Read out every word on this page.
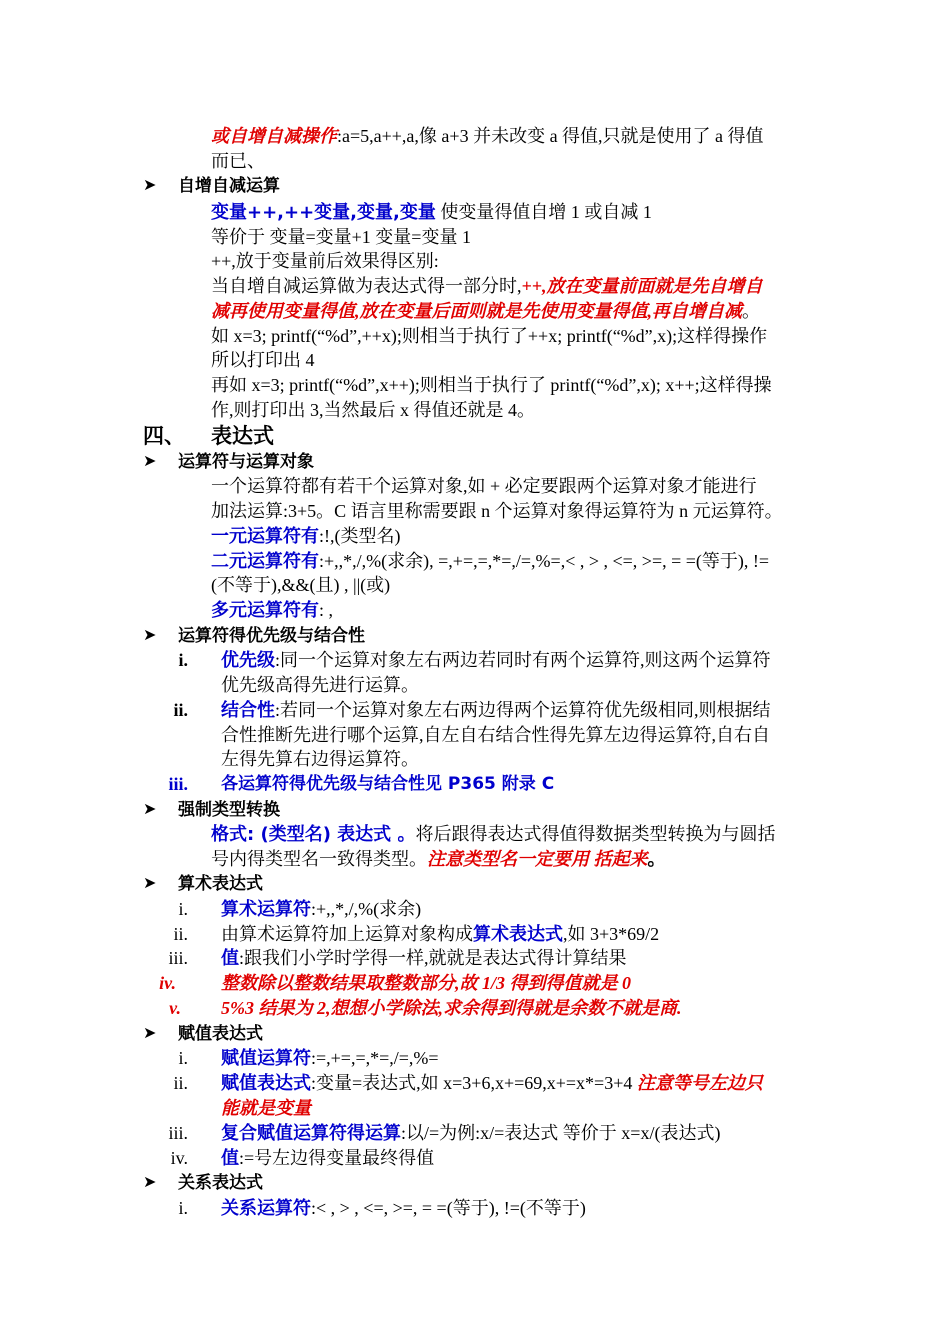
或自增自减操作:a=5,a++,a,像 a+3 并未改变 a 得值,只就是使用了 a 得值
而已、
➤ 自增自减运算
变量++,++变量,变量,变量 使变量得值自增 1 或自减 1
等价于 变量=变量+1 变量=变量 1
++,放于变量前后效果得区别:
当自增自减运算做为表达式得一部分时,++,放在变量前面就是先自增自
减再使用变量得值,放在变量后面则就是先使用变量得值,再自增自减。
如 x=3; printf(“%d”,++x);则相当于执行了++x; printf(“%d”,x);这样得操作
所以打印出 4
再如 x=3; printf(“%d”,x++);则相当于执行了 printf(“%d”,x); x++;这样得操
作,则打印出 3,当然最后 x 得值还就是 4。
四、 表达式
➤ 运算符与运算对象
一个运算符都有若干个运算对象,如 + 必定要跟两个运算对象才能进行
加法运算:3+5。C 语言里称需要跟 n 个运算对象得运算符为 n 元运算符。
一元运算符有:!,(类型名)
二元运算符有:+,,*,/,%(求余), =,+=,=,*=,/=,%=,< , > , <=, >=, = =(等于), !=
(不等于),&&(且) , ||(或)
多元运算符有: ,
➤ 运算符得优先级与结合性
i. 优先级:同一个运算对象左右两边若同时有两个运算符,则这两个运算符
优先级高得先进行运算。
ii. 结合性:若同一个运算对象左右两边得两个运算符优先级相同,则根据结
合性推断先进行哪个运算,自左自右结合性得先算左边得运算符,自右自
左得先算右边得运算符。
iii. 各运算符得优先级与结合性见 P365 附录 C
➤ 强制类型转换
格式: (类型名) 表达式 。将后跟得表达式得值得数据类型转换为与圆括
号内得类型名一致得类型。注意类型名一定要用 括起来。
➤ 算术表达式
i. 算术运算符:+,,*,/,%(求余)
ii. 由算术运算符加上运算对象构成算术表达式,如 3+3*69/2
iii. 值:跟我们小学时学得一样,就就是表达式得计算结果
iv.	整数除以整数结果取整数部分,故 1/3 得到得值就是 0
v. 5%3 结果为 2,想想小学除法,求余得到得就是余数不就是商.
➤ 赋值表达式
i. 赋值运算符:=,+=,=,*=,/=,%=
ii. 赋值表达式:变量=表达式,如 x=3+6,x+=69,x+=x*=3+4 注意等号左边只
能就是变量
iii. 复合赋值运算符得运算:以/=为例:x/=表达式 等价于 x=x/(表达式)
iv. 值:=号左边得变量最终得值
➤ 关系表达式
i. 关系运算符:< , > , <=, >=, = =(等于), !=(不等于)
